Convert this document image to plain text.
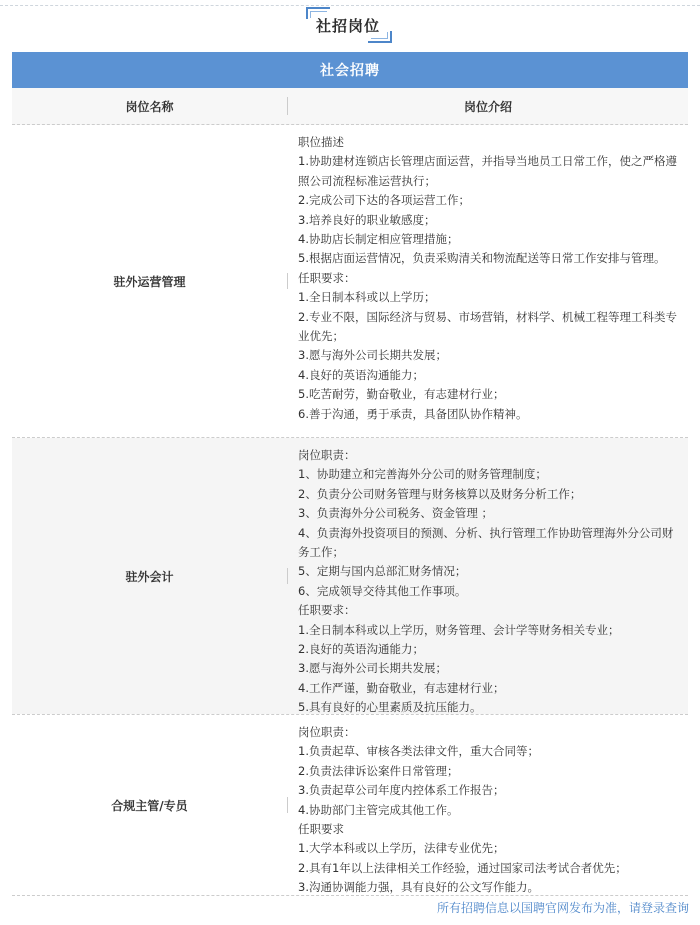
社招岗位
社会招聘
岗位名称	岗位介绍
驻外运营管理
职位描述
1.协助建材连锁店长管理店面运营，并指导当地员工日常工作，使之严格遵照公司流程标准运营执行；
2.完成公司下达的各项运营工作；
3.培养良好的职业敏感度；
4.协助店长制定相应管理措施；
5.根据店面运营情况，负责采购清关和物流配送等日常工作安排与管理。
任职要求：
1.全日制本科或以上学历；
2.专业不限，国际经济与贸易、市场营销，材料学、机械工程等理工科类专业优先；
3.愿与海外公司长期共发展；
4.良好的英语沟通能力；
5.吃苦耐劳，勤奋敬业，有志建材行业；
6.善于沟通，勇于承责，具备团队协作精神。
驻外会计
岗位职责：
1、协助建立和完善海外分公司的财务管理制度；
2、负责分公司财务管理与财务核算以及财务分析工作；
3、负责海外分公司税务、资金管理 ；
4、负责海外投资项目的预测、分析、执行管理工作协助管理海外分公司财务工作；
5、定期与国内总部汇财务情况；
6、完成领导交待其他工作事项。
任职要求：
1.全日制本科或以上学历，财务管理、会计学等财务相关专业；
2.良好的英语沟通能力；
3.愿与海外公司长期共发展；
4.工作严谨，勤奋敬业，有志建材行业；
5.具有良好的心里素质及抗压能力。
合规主管/专员
岗位职责：
1.负责起草、审核各类法律文件，重大合同等；
2.负责法律诉讼案件日常管理；
3.负责起草公司年度内控体系工作报告；
4.协助部门主管完成其他工作。
任职要求
1.大学本科或以上学历，法律专业优先；
2.具有1年以上法律相关工作经验，通过国家司法考试合者优先；
3.沟通协调能力强，具有良好的公文写作能力。
所有招聘信息以国聘官网发布为准，请登录查询
